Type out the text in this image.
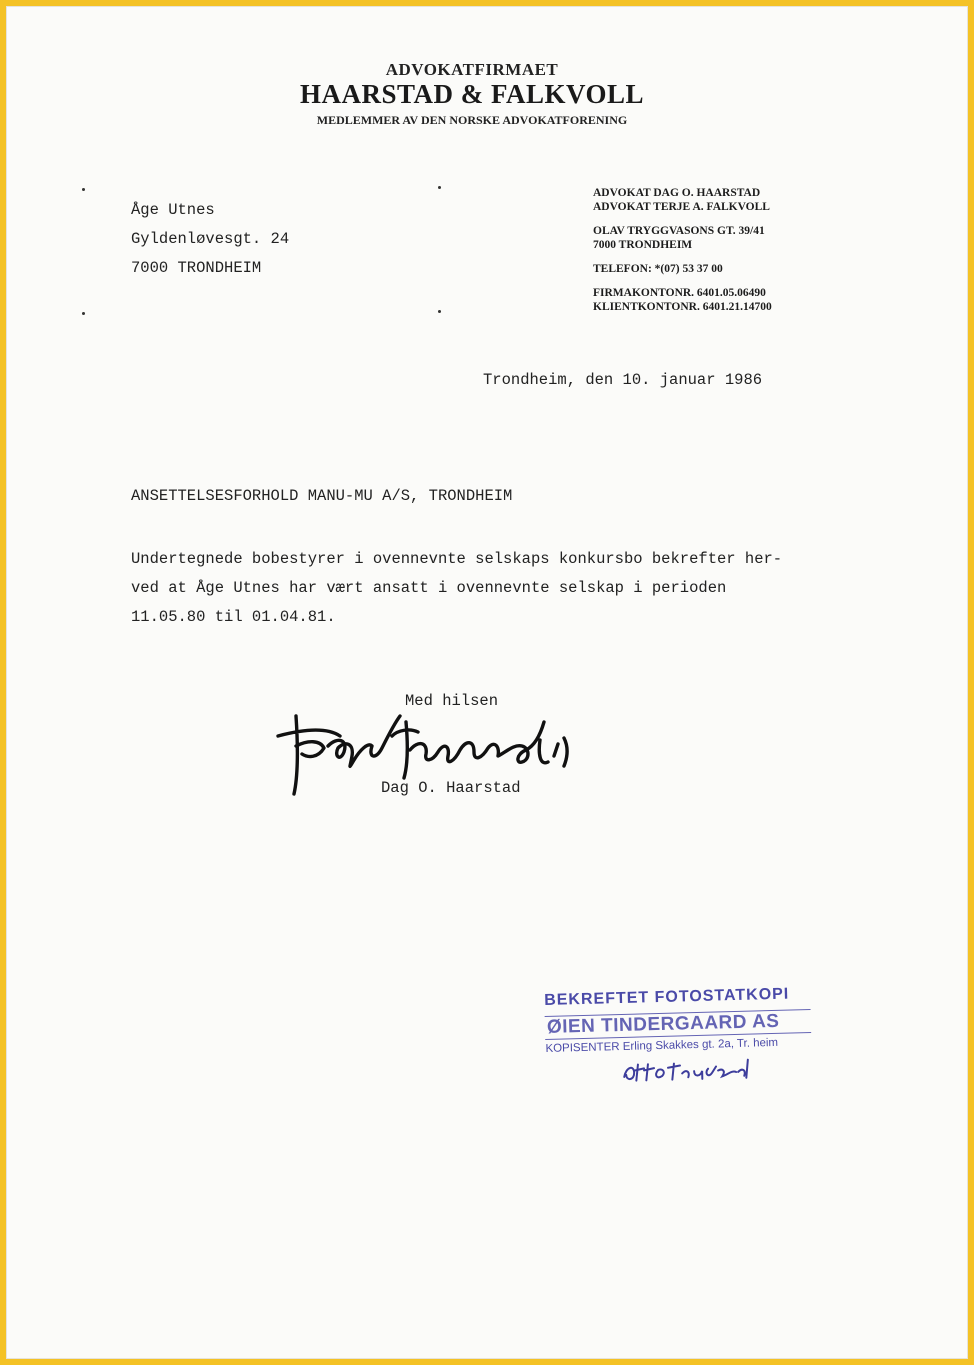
ADVOKATFIRMAET
HAARSTAD & FALKVOLL
MEDLEMMER AV DEN NORSKE ADVOKATFORENING
Åge Utnes
Gyldenløvesgt. 24
7000 TRONDHEIM
ADVOKAT DAG O. HAARSTAD
ADVOKAT TERJE A. FALKVOLL
OLAV TRYGGVASONS GT. 39/41
7000 TRONDHEIM
TELEFON: *(07) 53 37 00
FIRMAKONTONR. 6401.05.06490
KLIENTKONTONR. 6401.21.14700
Trondheim, den 10. januar 1986
ANSETTELSESFORHOLD MANU-MU A/S, TRONDHEIM
Undertegnede bobestyrer i ovennevnte selskaps konkursbo bekrefter her-
ved at Åge Utnes har vært ansatt i ovennevnte selskap i perioden
11.05.80 til 01.04.81.
Med hilsen
Dag O. Haarstad
BEKREFTET FOTOSTATKOPI
ØIEN TINDERGAARD AS
KOPISENTER Erling Skakkes gt. 2a, Tr. heim
